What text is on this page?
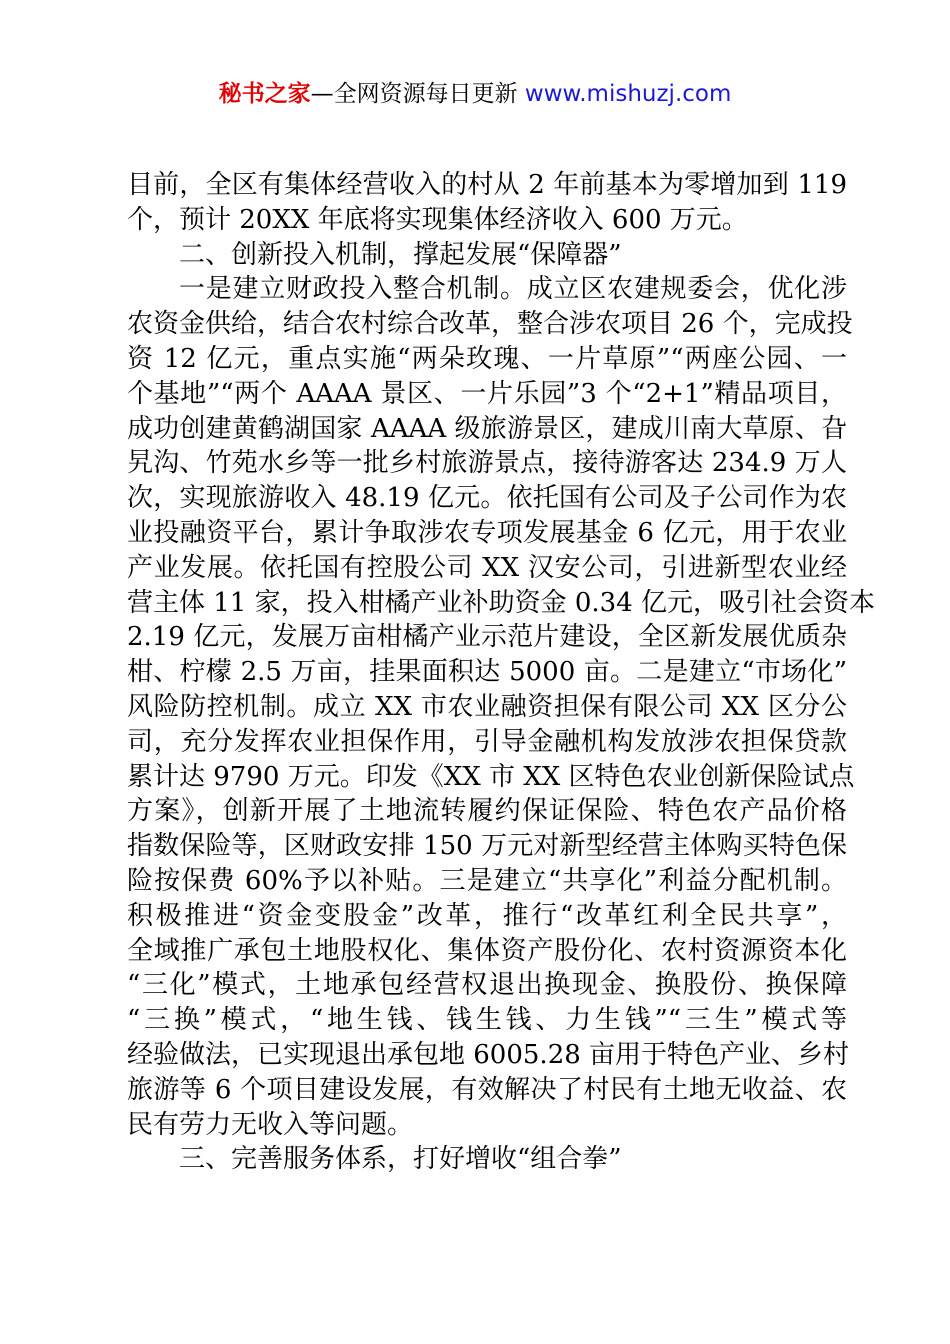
秘书之家—全网资源每日更新 www.mishuzj.com
目前，全区有集体经营收入的村从 2 年前基本为零增加到 119
个，预计 20XX 年底将实现集体经济收入 600 万元。
二、创新投入机制，撑起发展“保障器”
一是建立财政投入整合机制。成立区农建规委会，优化涉
农资金供给，结合农村综合改革，整合涉农项目 26 个，完成投
资 12 亿元，重点实施“两朵玫瑰、一片草原”“两座公园、一
个基地”“两个 AAAA 景区、一片乐园”3 个“2+1”精品项目，
成功创建黄鹤湖国家 AAAA 级旅游景区，建成川南大草原、旮
旯沟、竹苑水乡等一批乡村旅游景点，接待游客达 234.9 万人
次，实现旅游收入 48.19 亿元。依托国有公司及子公司作为农
业投融资平台，累计争取涉农专项发展基金 6 亿元，用于农业
产业发展。依托国有控股公司 XX 汉安公司，引进新型农业经
营主体 11 家，投入柑橘产业补助资金 0.34 亿元，吸引社会资本
2.19 亿元，发展万亩柑橘产业示范片建设，全区新发展优质杂
柑、柠檬 2.5 万亩，挂果面积达 5000 亩。二是建立“市场化”
风险防控机制。成立 XX 市农业融资担保有限公司 XX 区分公
司，充分发挥农业担保作用，引导金融机构发放涉农担保贷款
累计达 9790 万元。印发《XX 市 XX 区特色农业创新保险试点
方案》，创新开展了土地流转履约保证保险、特色农产品价格
指数保险等，区财政安排 150 万元对新型经营主体购买特色保
险按保费 60%予以补贴。三是建立“共享化”利益分配机制。
积极推进“资金变股金”改革，推行“改革红利全民共享”，
全域推广承包土地股权化、集体资产股份化、农村资源资本化
“三化”模式，土地承包经营权退出换现金、换股份、换保障
“三换”模式，“地生钱、钱生钱、力生钱”“三生”模式等
经验做法，已实现退出承包地 6005.28 亩用于特色产业、乡村
旅游等 6 个项目建设发展，有效解决了村民有土地无收益、农
民有劳力无收入等问题。
三、完善服务体系，打好增收“组合拳”
